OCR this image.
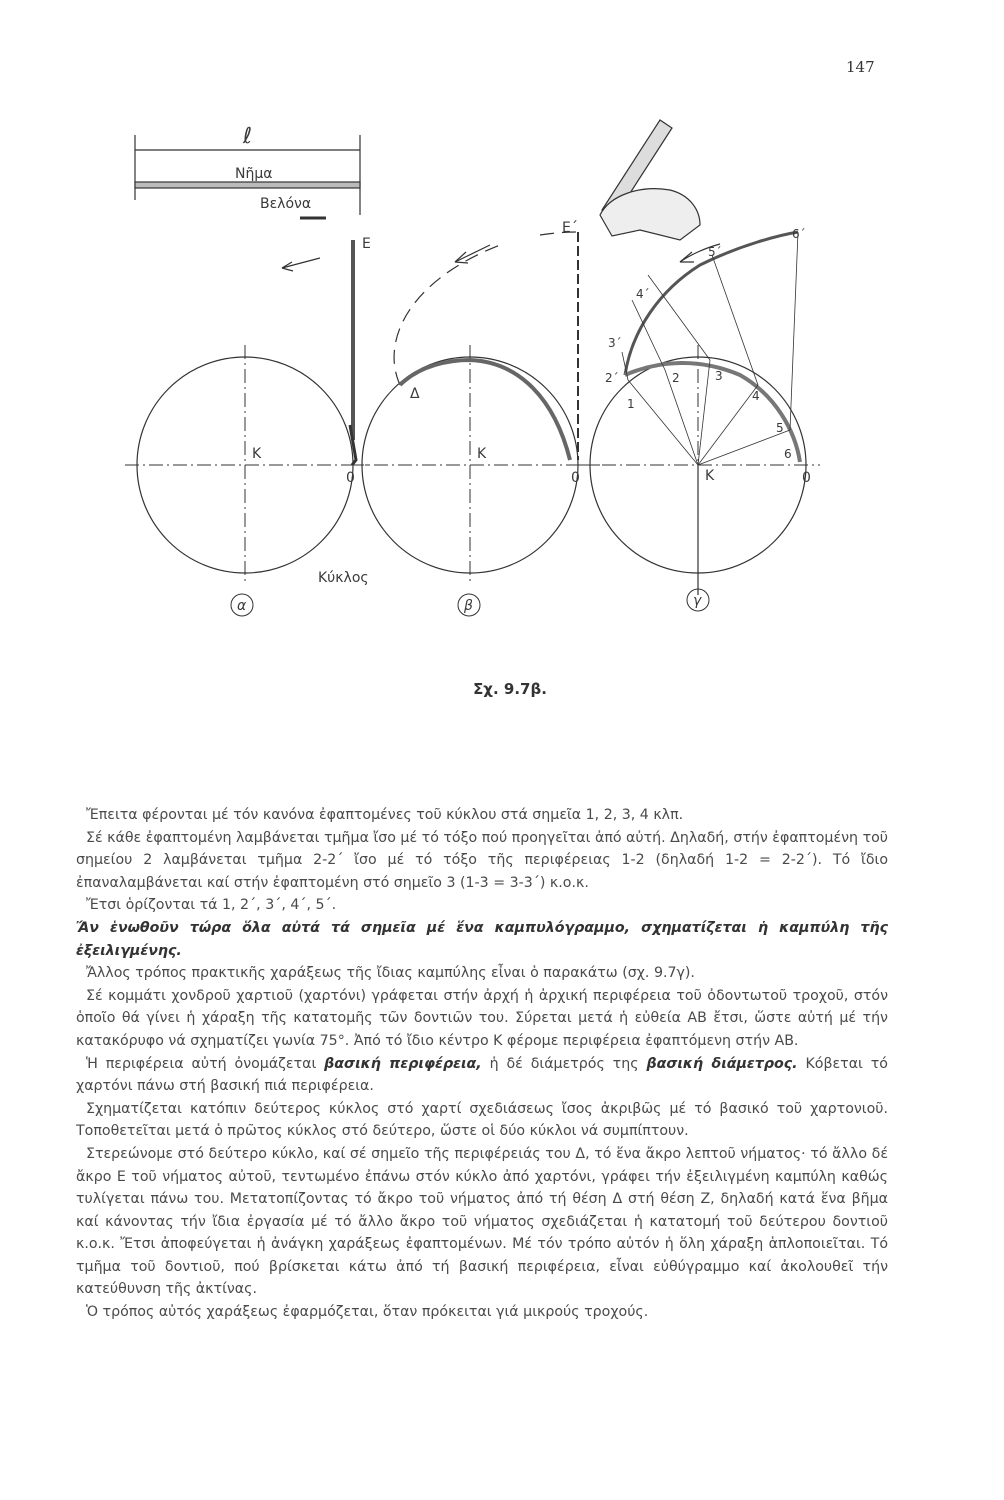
147
ℓ
Νῆμα
Βελόνα
Ε
Ε΄
Δ
Κ	Κ
Κ
0	0	0
Κύκλος
1
2	3
4
5
6
2΄
3΄
4΄
5΄
6΄
α	β	γ
Σχ. 9.7β.

Ἔπειτα φέρονται μέ τόν κανόνα ἐφαπτομένες τοῦ κύκλου στά σημεῖα 1, 2, 3, 4 κλπ.

Σέ κάθε ἐφαπτομένη λαμβάνεται τμῆμα ἴσο μέ τό τόξο πού προηγεῖται ἀπό αὐτή. Δηλαδή, στήν ἐφαπτομένη τοῦ σημείου 2 λαμβάνεται τμῆμα 2-2΄ ἴσο μέ τό τόξο τῆς περιφέρειας 1-2 (δηλαδή 1-2 = 2-2΄). Τό ἴδιο ἐπαναλαμβάνεται καί στήν ἐφαπτομένη στό σημεῖο 3 (1-3 = 3-3΄) κ.ο.κ.

Ἔτσι ὁρίζονται τά 1, 2΄, 3΄, 4΄, 5΄.

Ἄν ἑνωθοῦν τώρα ὅλα αὐτά τά σημεῖα μέ ἕνα καμπυλόγραμμο, σχηματίζεται ἡ καμπύλη τῆς ἐξειλιγμένης.

Ἄλλος τρόπος πρακτικῆς χαράξεως τῆς ἴδιας καμπύλης εἶναι ὁ παρακάτω (σχ. 9.7γ).

Σέ κομμάτι χονδροῦ χαρτιοῦ (χαρτόνι) γράφεται στήν ἀρχή ἡ ἀρχική περιφέρεια τοῦ ὀδοντωτοῦ τροχοῦ, στόν ὁποῖο θά γίνει ἡ χάραξη τῆς κατατομῆς τῶν δοντιῶν του. Σύρεται μετά ἡ εὐθεία ΑΒ ἔτσι, ὥστε αὐτή μέ τήν κατακόρυφο νά σχηματίζει γωνία 75°. Ἀπό τό ἴδιο κέντρο Κ φέρομε περιφέρεια ἐφαπτόμενη στήν ΑΒ.

Ἡ περιφέρεια αὐτή ὀνομάζεται βασική περιφέρεια, ἡ δέ διάμετρός της βασική διάμετρος. Κόβεται τό χαρτόνι πάνω στή βασική πιά περιφέρεια.

Σχηματίζεται κατόπιν δεύτερος κύκλος στό χαρτί σχεδιάσεως ἴσος ἀκριβῶς μέ τό βασικό τοῦ χαρτονιοῦ. Τοποθετεῖται μετά ὁ πρῶτος κύκλος στό δεύτερο, ὥστε οἱ δύο κύκλοι νά συμπίπτουν.

Στερεώνομε στό δεύτερο κύκλο, καί σέ σημεῖο τῆς περιφέρειάς του Δ, τό ἕνα ἄκρο λεπτοῦ νήματος· τό ἄλλο δέ ἄκρο Ε τοῦ νήματος αὐτοῦ, τεντωμένο ἐπάνω στόν κύκλο ἀπό χαρτόνι, γράφει τήν ἐξειλιγμένη καμπύλη καθώς τυλίγεται πάνω του. Μετατοπίζοντας τό ἄκρο τοῦ νήματος ἀπό τή θέση Δ στή θέση Ζ, δηλαδή κατά ἕνα βῆμα καί κάνοντας τήν ἴδια ἐργασία μέ τό ἄλλο ἄκρο τοῦ νήματος σχεδιάζεται ἡ κατατομή τοῦ δεύτερου δοντιοῦ κ.ο.κ. Ἔτσι ἀποφεύγεται ἡ ἀνάγκη χαράξεως ἐφαπτομένων. Μέ τόν τρόπο αὐτόν ἡ ὅλη χάραξη ἁπλοποιεῖται. Τό τμῆμα τοῦ δοντιοῦ, πού βρίσκεται κάτω ἀπό τή βασική περιφέρεια, εἶναι εὐθύγραμμο καί ἀκολουθεῖ τήν κατεύθυνση τῆς ἀκτίνας.

Ὁ τρόπος αὐτός χαράξεως ἐφαρμόζεται, ὅταν πρόκειται γιά μικρούς τροχούς.
